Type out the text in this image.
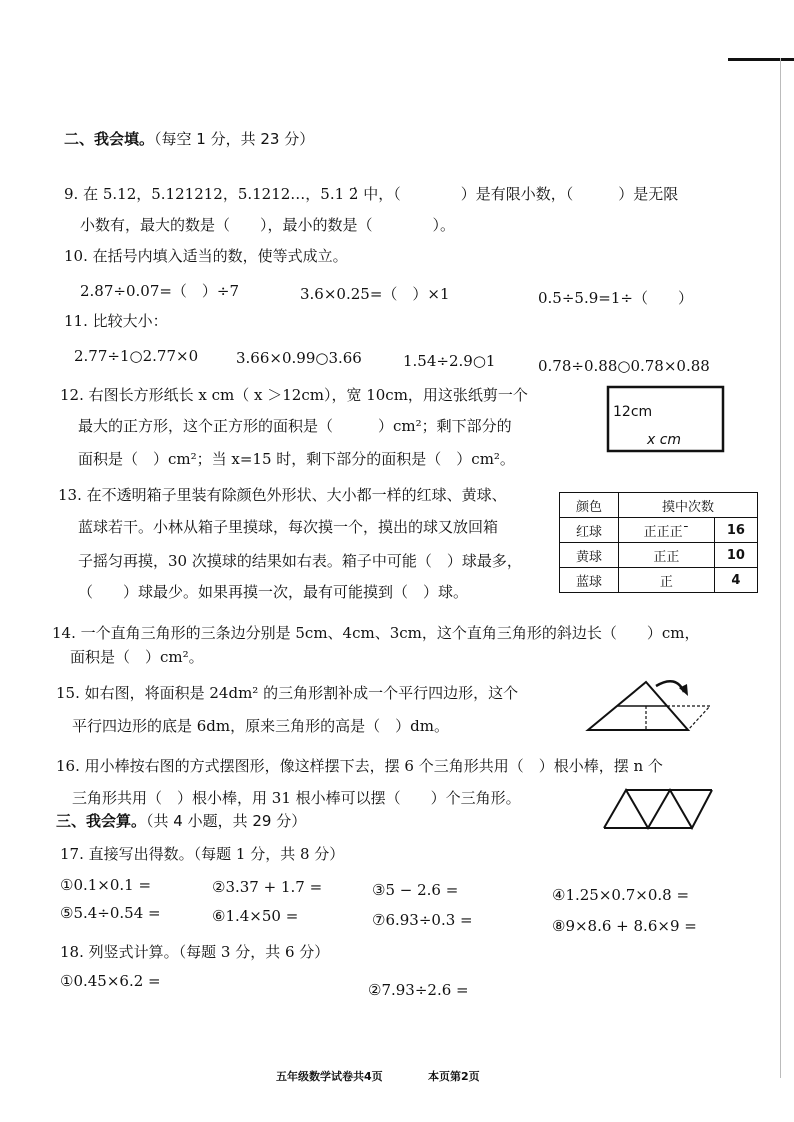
二、我会填。（每空 1 分，共 23 分）
9. 在 5.12，5.121212，5.1212…，5.1 2̇ 中，（　　　　）是有限小数，（　　　）是无限
小数有，最大的数是（　　），最小的数是（　　　　）。
10. 在括号内填入适当的数，使等式成立。
2.87÷0.07=（　）÷7	3.6×0.25=（　）×1	0.5÷5.9=1÷（　　）
11. 比较大小：
2.77÷1○2.77×0	3.66×0.99○3.66	1.54÷2.9○1	0.78÷0.88○0.78×0.88
12. 右图长方形纸长 x cm（ x ＞12cm），宽 10cm，用这张纸剪一个
最大的正方形，这个正方形的面积是（　　　）cm²；剩下部分的
面积是（　）cm²；当 x=15 时，剩下部分的面积是（　）cm²。
12cm
x cm
13. 在不透明箱子里装有除颜色外形状、大小都一样的红球、黄球、
蓝球若干。小林从箱子里摸球，每次摸一个，摸出的球又放回箱
子摇匀再摸，30 次摸球的结果如右表。箱子中可能（　）球最多，
（　　）球最少。如果再摸一次，最有可能摸到（　）球。
颜色	摸中次数	
红球	正正正¯	16
黄球	正正	10
蓝球	正	4
14. 一个直角三角形的三条边分别是 5cm、4cm、3cm，这个直角三角形的斜边长（　　）cm，
面积是（　）cm²。
15. 如右图，将面积是 24dm² 的三角形割补成一个平行四边形，这个
平行四边形的底是 6dm，原来三角形的高是（　）dm。
16. 用小棒按右图的方式摆图形，像这样摆下去，摆 6 个三角形共用（　）根小棒，摆 n 个
三角形共用（　）根小棒，用 31 根小棒可以摆（　　）个三角形。
三、我会算。（共 4 小题，共 29 分）
17. 直接写出得数。（每题 1 分，共 8 分）
①0.1×0.1 =	②3.37 + 1.7 =	③5 − 2.6 =	④1.25×0.7×0.8 =
⑤5.4÷0.54 =	⑥1.4×50 =	⑦6.93÷0.3 =	⑧9×8.6 + 8.6×9 =
18. 列竖式计算。（每题 3 分，共 6 分）
①0.45×6.2 =	②7.93÷2.6 =
五年级数学试卷共4页	本页第2页
